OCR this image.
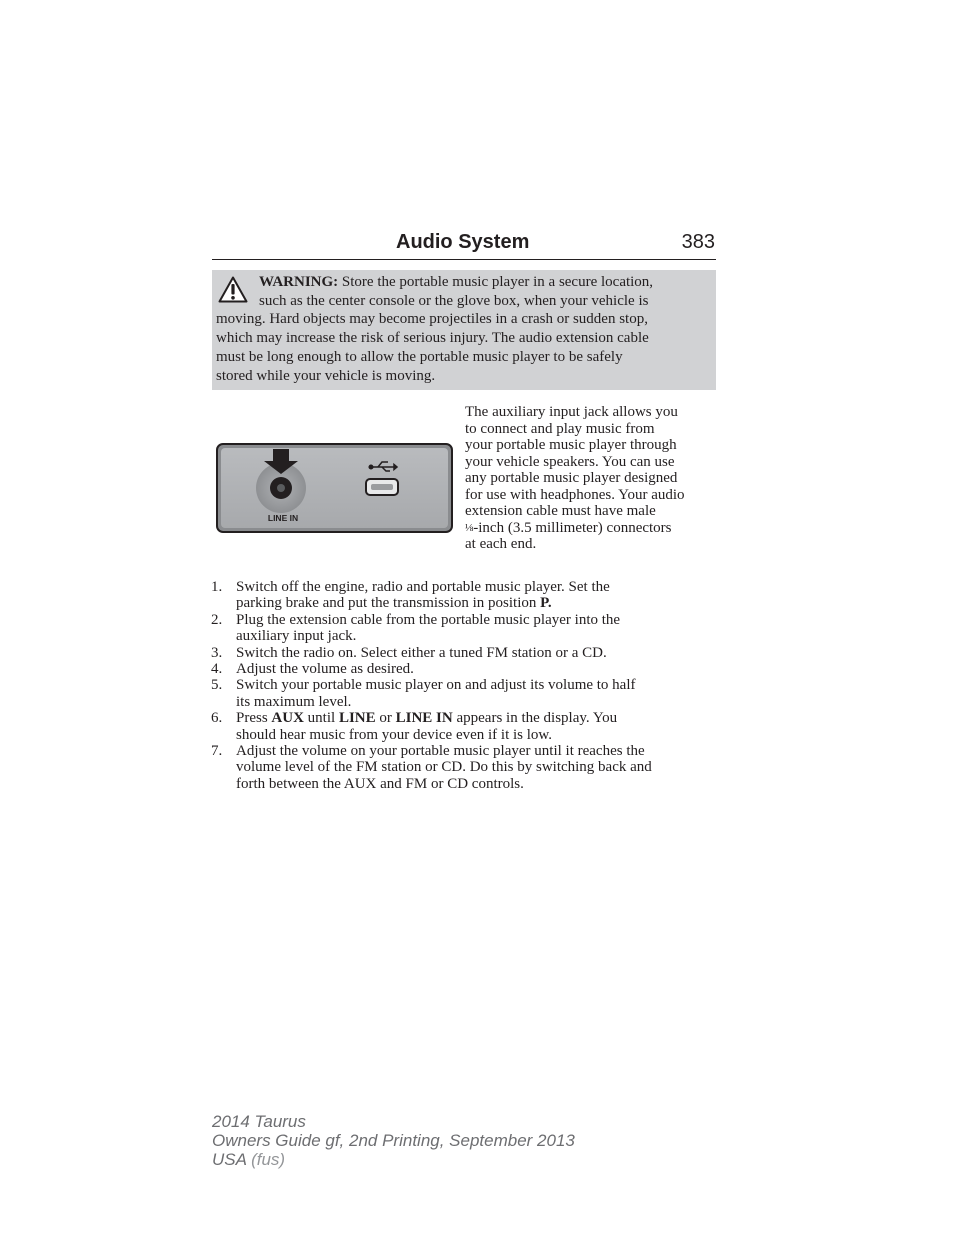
Audio System	383
WARNING: Store the portable music player in a secure location,
such as the center console or the glove box, when your vehicle is
moving. Hard objects may become projectiles in a crash or sudden stop,
which may increase the risk of serious injury. The audio extension cable
must be long enough to allow the portable music player to be safely
stored while your vehicle is moving.
LINE IN
The auxiliary input jack allows you
to connect and play music from
your portable music player through
your vehicle speakers. You can use
any portable music player designed
for use with headphones. Your audio
extension cable must have male
⅛-inch (3.5 millimeter) connectors
at each end.
1. Switch off the engine, radio and portable music player. Set the
parking brake and put the transmission in position P.
2. Plug the extension cable from the portable music player into the
auxiliary input jack.
3. Switch the radio on. Select either a tuned FM station or a CD.
4. Adjust the volume as desired.
5. Switch your portable music player on and adjust its volume to half
its maximum level.
6. Press AUX until LINE or LINE IN appears in the display. You
should hear music from your device even if it is low.
7. Adjust the volume on your portable music player until it reaches the
volume level of the FM station or CD. Do this by switching back and
forth between the AUX and FM or CD controls.
2014 Taurus
Owners Guide gf, 2nd Printing, September 2013
USA (fus)
